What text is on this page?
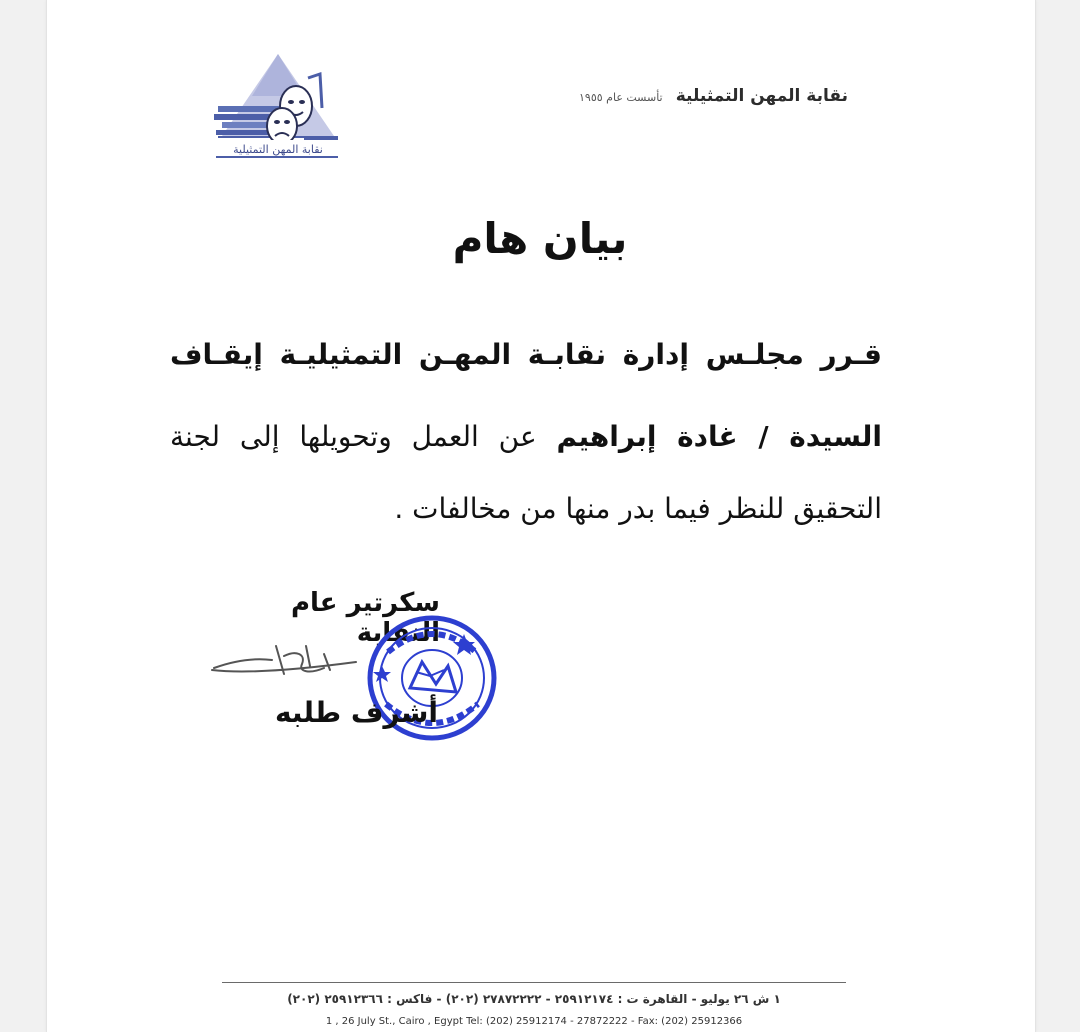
نقابة المهن التمثيلية
نقابة المهن التمثيلية تأسست عام ١٩٥٥
بيان هام
قـرر مجلـس إدارة نقابـة المهـن التمثيليـة إيقـاف
السيدة / غادة إبراهيم عن العمل وتحويلها إلى لجنة
التحقيق للنظر فيما بدر منها من مخالفات .
سكرتير عام النقابة
أشرف طلبه
١ ش ٢٦ يوليو - القاهرة ت : ٢٥٩١٢١٧٤ - ٢٧٨٧٢٢٢٢ (٢٠٢) - فاكس : ٢٥٩١٢٣٦٦ (٢٠٢)
1 , 26 July St., Cairo , Egypt Tel: (202) 25912174 - 27872222 - Fax: (202) 25912366
